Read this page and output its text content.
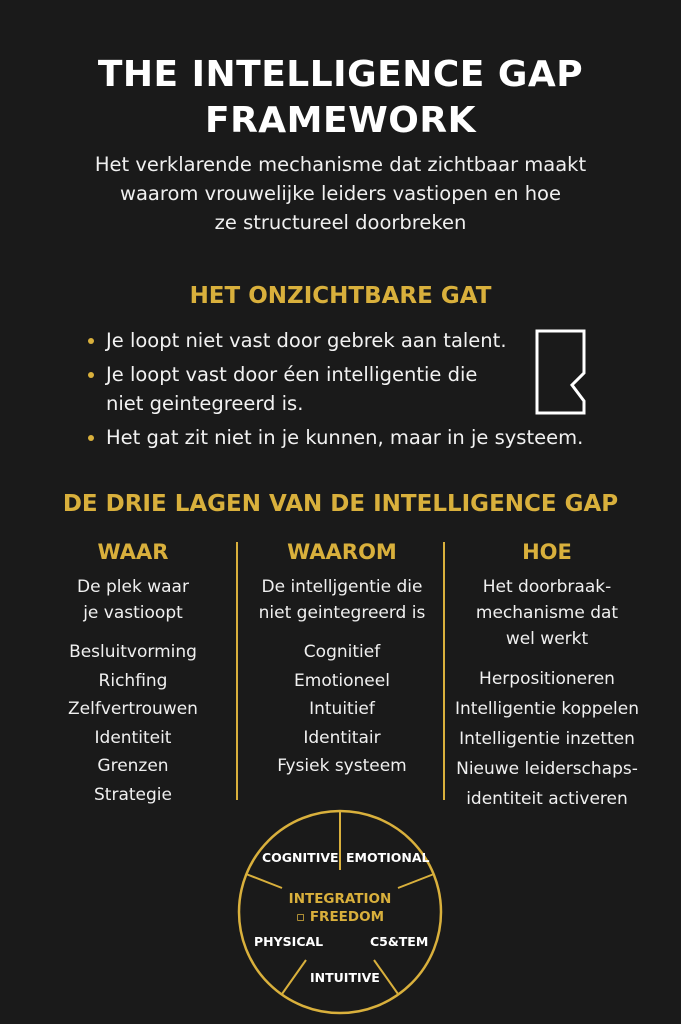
THE INTELLIGENCE GAP
FRAMEWORK
Het verklarende mechanisme dat zichtbaar maakt
waarom vrouwelijke leiders vastiopen en hoe
ze structureel doorbreken
HET ONZICHTBARE GAT
Je loopt niet vast door gebrek aan talent.
Je loopt vast door éen intelligentie die
niet geintegreerd is.
Het gat zit niet in je kunnen, maar in je systeem.
DE DRIE LAGEN VAN DE INTELLIGENCE GAP
WAAR
De plek waar
je vastioopt
Besluitvorming
Richfing
Zelfvertrouwen
Identiteit
Grenzen
Strategie
WAAROM
De intelljgentie die
niet geintegreerd is
Cognitief
Emotioneel
Intuitief
Identitair
Fysiek systeem
HOE
Het doorbraak-
mechanisme dat
wel werkt
Herpositioneren
Intelligentie koppelen
Intelligentie inzetten
Nieuwe leiderschaps-
identiteit activeren
COGNITIVE EMOTIONAL
C5&TEM
INTUITIVE
PHYSICAL
INTEGRATION
▫ FREEDOM
